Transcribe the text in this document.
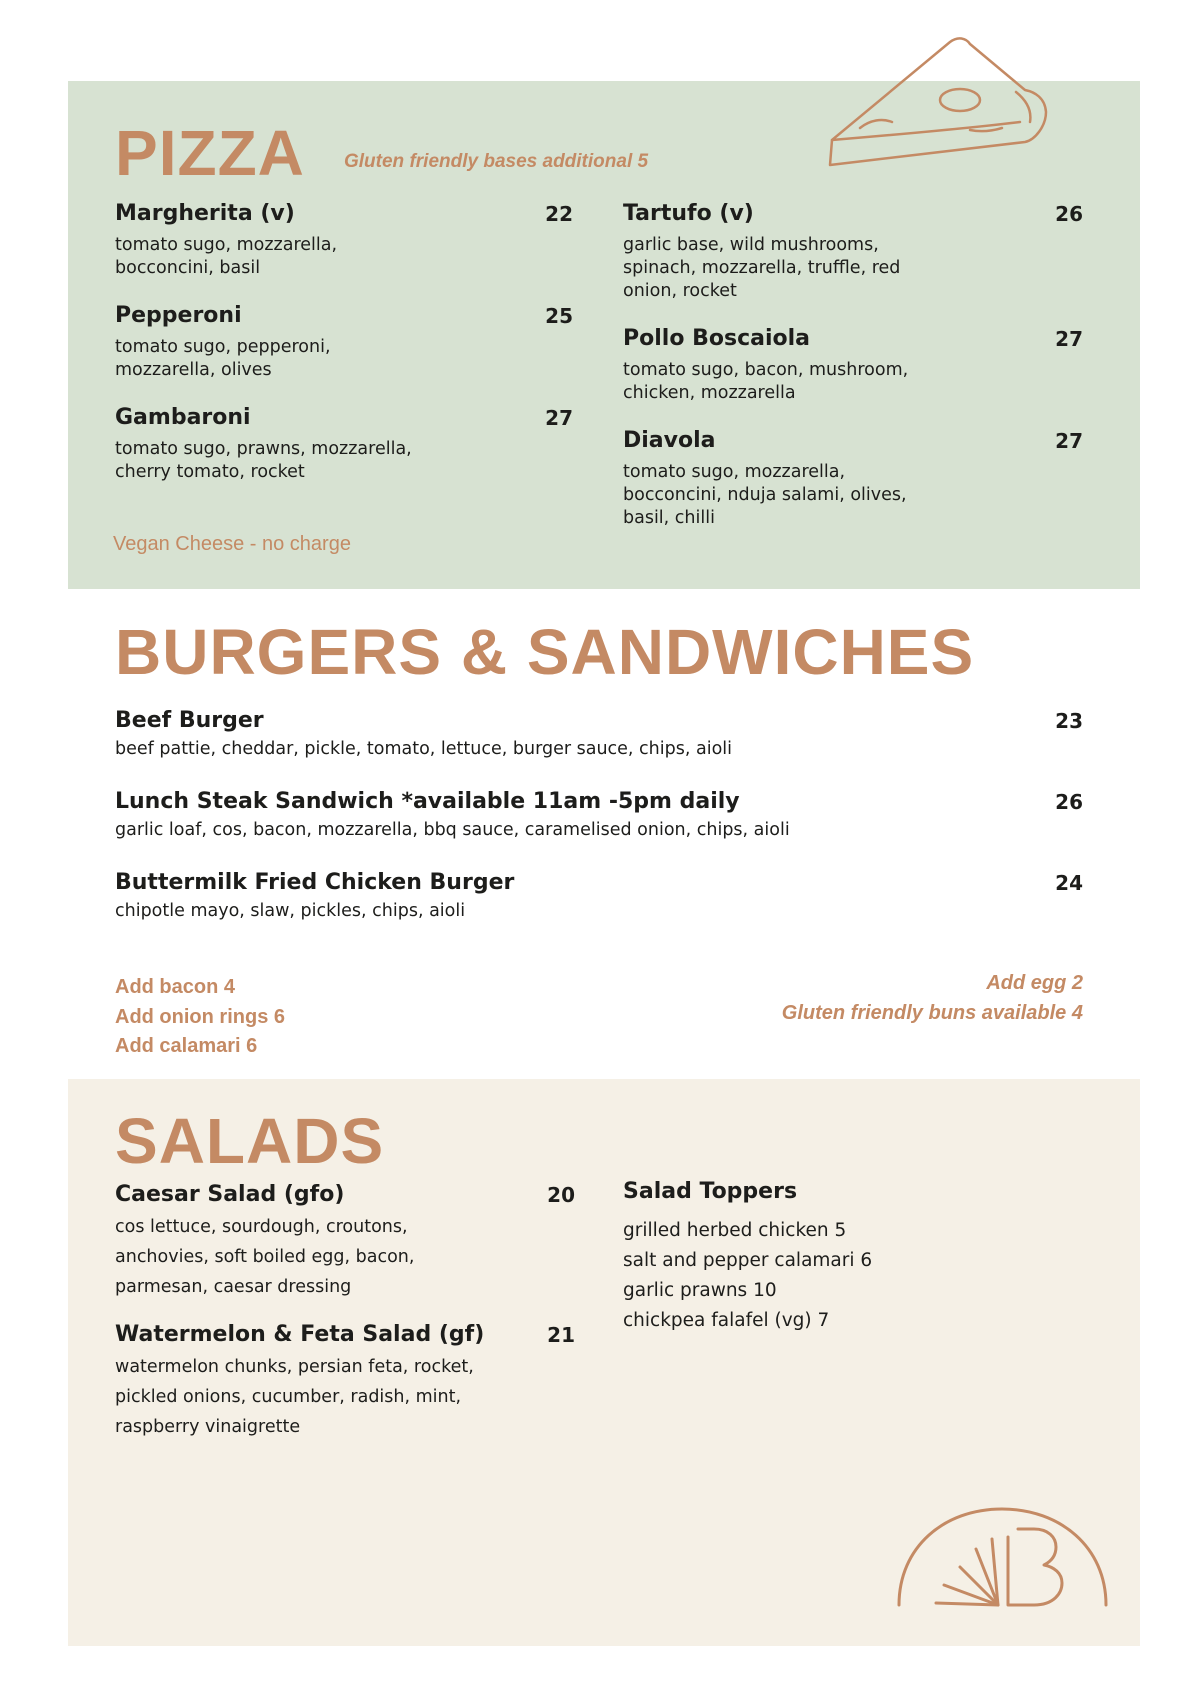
PIZZA Gluten friendly bases additional 5
Margherita (v)	22
tomato sugo, mozzarella, bocconcini, basil
Pepperoni	25
tomato sugo, pepperoni, mozzarella, olives
Gambaroni	27
tomato sugo, prawns, mozzarella, cherry tomato, rocket
Tartufo (v)	26
garlic base, wild mushrooms, spinach, mozzarella, truffle, red onion, rocket
Pollo Boscaiola	27
tomato sugo, bacon, mushroom, chicken, mozzarella
Diavola	27
tomato sugo, mozzarella, bocconcini, nduja salami, olives, basil, chilli
Vegan Cheese - no charge
BURGERS & SANDWICHES
Beef Burger	23
beef pattie, cheddar, pickle, tomato, lettuce, burger sauce, chips, aioli
Lunch Steak Sandwich *available 11am -5pm daily	26
garlic loaf, cos, bacon, mozzarella, bbq sauce, caramelised onion, chips, aioli
Buttermilk Fried Chicken Burger	24
chipotle mayo, slaw, pickles, chips, aioli
Add bacon 4
Add onion rings 6
Add calamari 6
Add egg 2
Gluten friendly buns available 4
SALADS
Caesar Salad (gfo)	20
cos lettuce, sourdough, croutons, anchovies, soft boiled egg, bacon, parmesan, caesar dressing
Watermelon & Feta Salad (gf)	21
watermelon chunks, persian feta, rocket, pickled onions, cucumber, radish, mint, raspberry vinaigrette
Salad Toppers
grilled herbed chicken 5
salt and pepper calamari 6
garlic prawns 10
chickpea falafel (vg) 7
